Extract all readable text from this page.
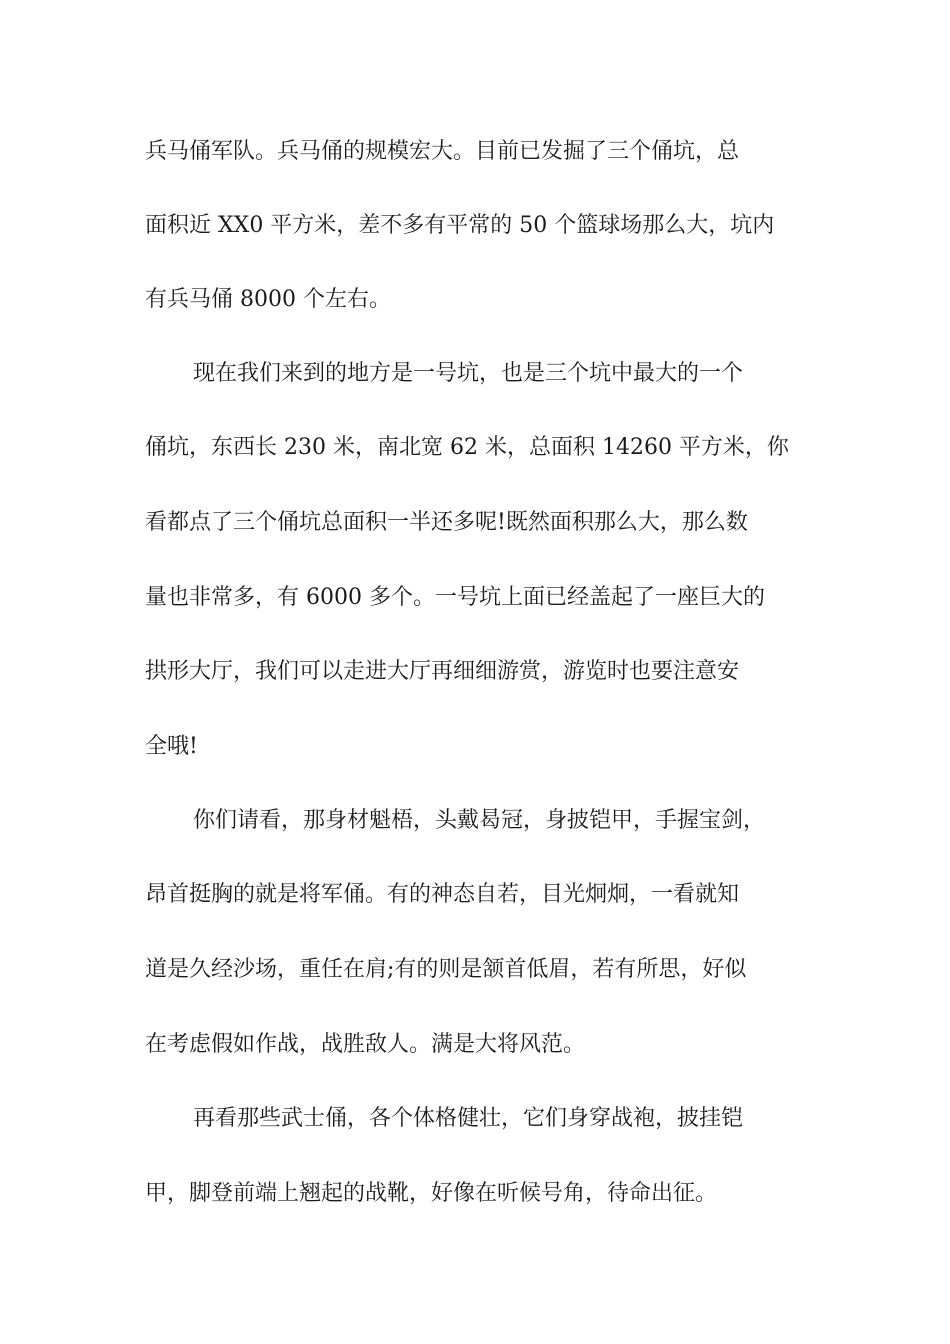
兵马俑军队。兵马俑的规模宏大。目前已发掘了三个俑坑，总

面积近 XX0 平方米，差不多有平常的 50 个篮球场那么大，坑内

有兵马俑 8000 个左右。

现在我们来到的地方是一号坑，也是三个坑中最大的一个

俑坑，东西长 230 米，南北宽 62 米，总面积 14260 平方米，你

看都点了三个俑坑总面积一半还多呢!既然面积那么大，那么数

量也非常多，有 6000 多个。一号坑上面已经盖起了一座巨大的

拱形大厅，我们可以走进大厅再细细游赏，游览时也要注意安

全哦!

你们请看，那身材魁梧，头戴曷冠，身披铠甲，手握宝剑，

昂首挺胸的就是将军俑。有的神态自若，目光炯炯，一看就知

道是久经沙场，重任在肩;有的则是颔首低眉，若有所思，好似

在考虑假如作战，战胜敌人。满是大将风范。

再看那些武士俑，各个体格健壮，它们身穿战袍，披挂铠

甲，脚登前端上翘起的战靴，好像在听候号角，待命出征。
